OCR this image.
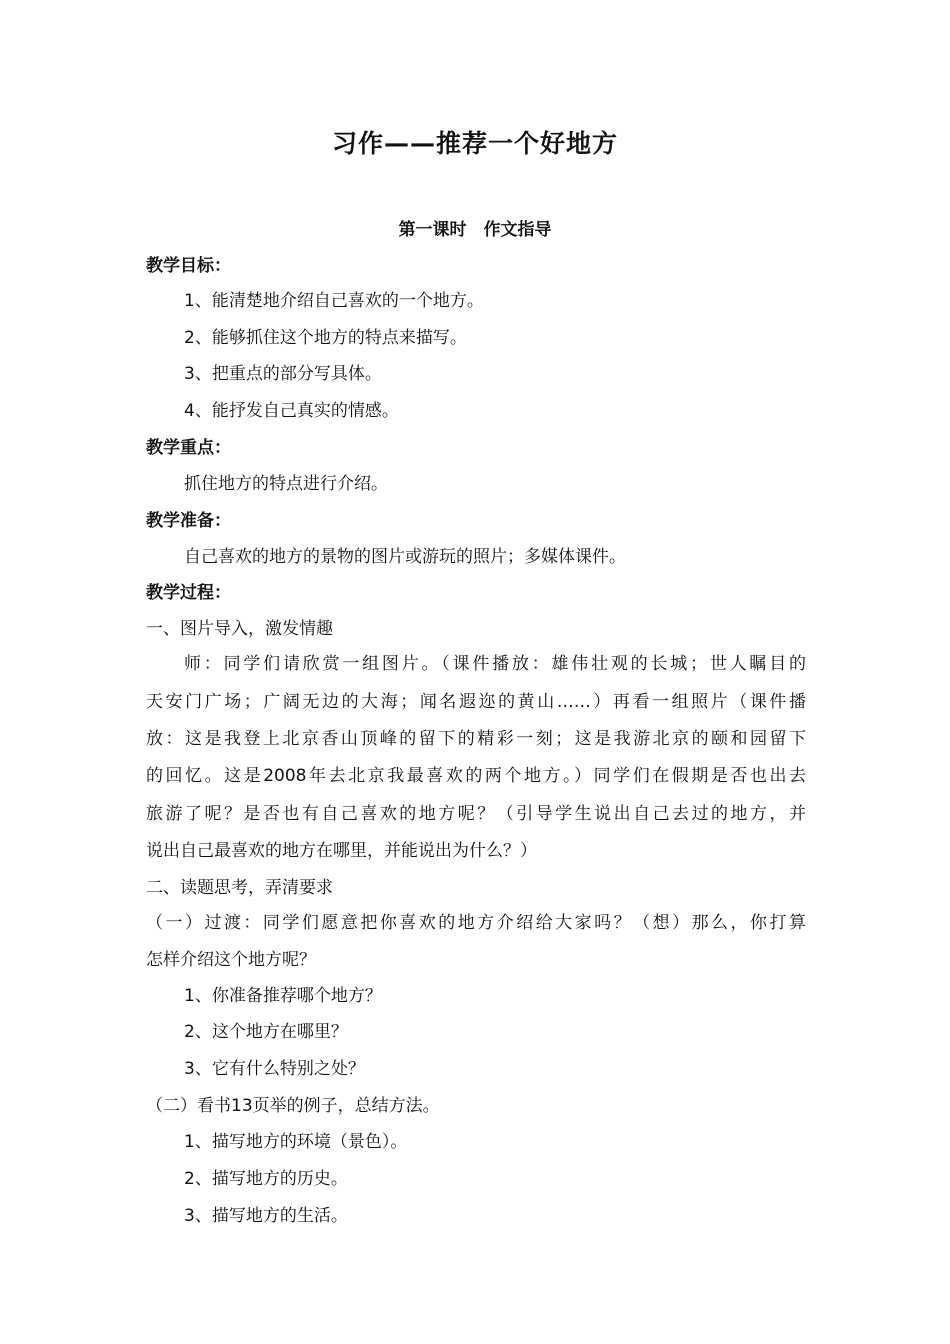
习作——推荐一个好地方
第一课时　作文指导
教学目标：
1、能清楚地介绍自己喜欢的一个地方。
2、能够抓住这个地方的特点来描写。
3、把重点的部分写具体。
4、能抒发自己真实的情感。
教学重点：
抓住地方的特点进行介绍。
教学准备：
自己喜欢的地方的景物的图片或游玩的照片；多媒体课件。
教学过程：
一、图片导入，激发情趣
师：同学们请欣赏一组图片。（课件播放：雄伟壮观的长城；世人瞩目的
天安门广场；广阔无边的大海；闻名遐迩的黄山……）再看一组照片（课件播
放：这是我登上北京香山顶峰的留下的精彩一刻；这是我游北京的颐和园留下
的回忆。这是2008年去北京我最喜欢的两个地方。）同学们在假期是否也出去
旅游了呢？是否也有自己喜欢的地方呢？（引导学生说出自己去过的地方，并
说出自己最喜欢的地方在哪里，并能说出为什么？）
二、读题思考，弄清要求
（一）过渡：同学们愿意把你喜欢的地方介绍给大家吗？（想）那么，你打算
怎样介绍这个地方呢？
1、你准备推荐哪个地方？
2、这个地方在哪里？
3、它有什么特别之处？
（二）看书13页举的例子，总结方法。
1、描写地方的环境（景色）。
2、描写地方的历史。
3、描写地方的生活。
